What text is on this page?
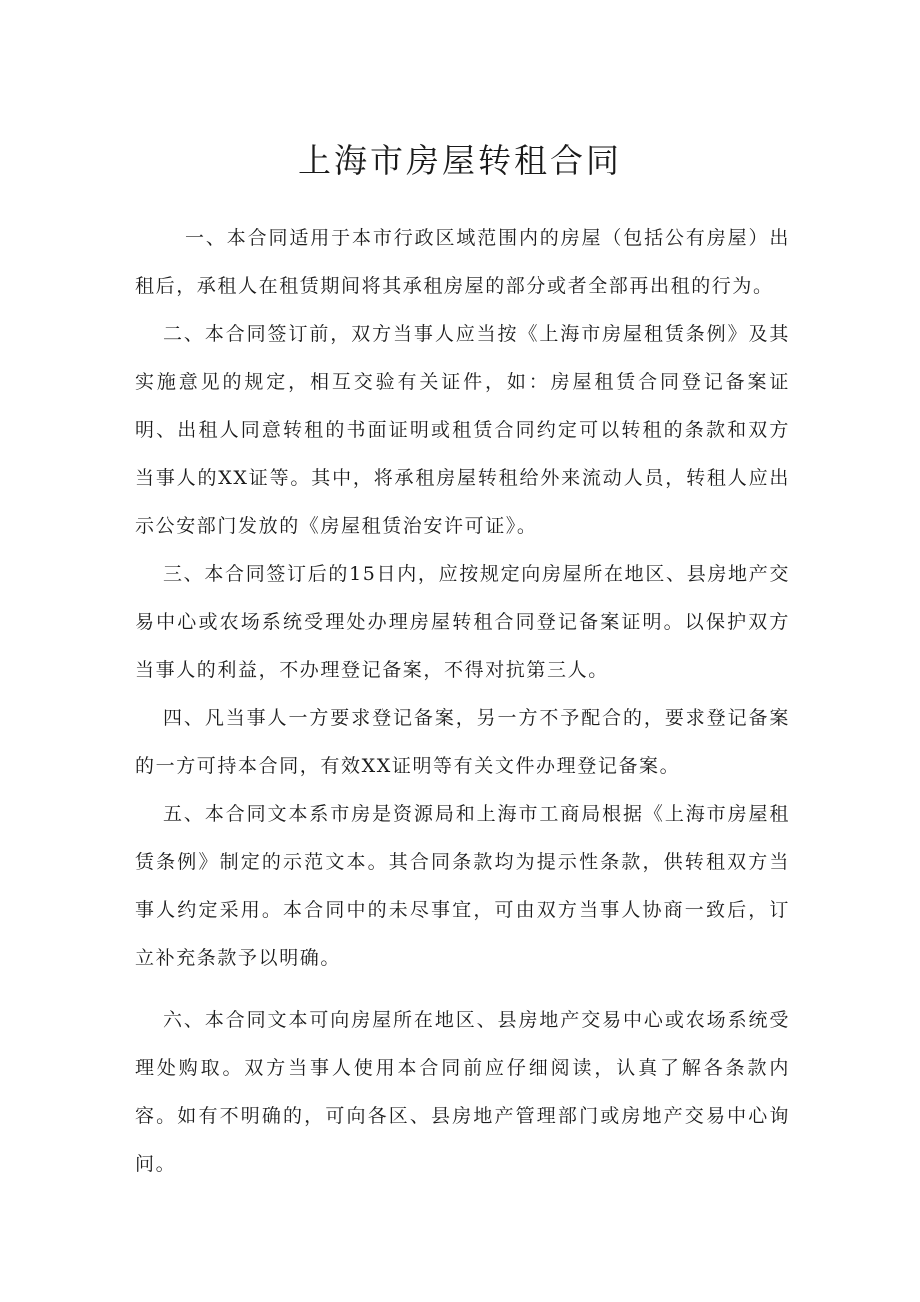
上海市房屋转租合同

一、本合同适用于本市行政区域范围内的房屋（包括公有房屋）出租后，承租人在租赁期间将其承租房屋的部分或者全部再出租的行为。

二、本合同签订前，双方当事人应当按《上海市房屋租赁条例》及其实施意见的规定，相互交验有关证件，如：房屋租赁合同登记备案证明、出租人同意转租的书面证明或租赁合同约定可以转租的条款和双方当事人的XX证等。其中，将承租房屋转租给外来流动人员，转租人应出示公安部门发放的《房屋租赁治安许可证》。

三、本合同签订后的15日内，应按规定向房屋所在地区、县房地产交易中心或农场系统受理处办理房屋转租合同登记备案证明。以保护双方当事人的利益，不办理登记备案，不得对抗第三人。

四、凡当事人一方要求登记备案，另一方不予配合的，要求登记备案的一方可持本合同，有效XX证明等有关文件办理登记备案。

五、本合同文本系市房是资源局和上海市工商局根据《上海市房屋租赁条例》制定的示范文本。其合同条款均为提示性条款，供转租双方当事人约定采用。本合同中的未尽事宜，可由双方当事人协商一致后，订立补充条款予以明确。

六、本合同文本可向房屋所在地区、县房地产交易中心或农场系统受理处购取。双方当事人使用本合同前应仔细阅读，认真了解各条款内容。如有不明确的，可向各区、县房地产管理部门或房地产交易中心询问。
